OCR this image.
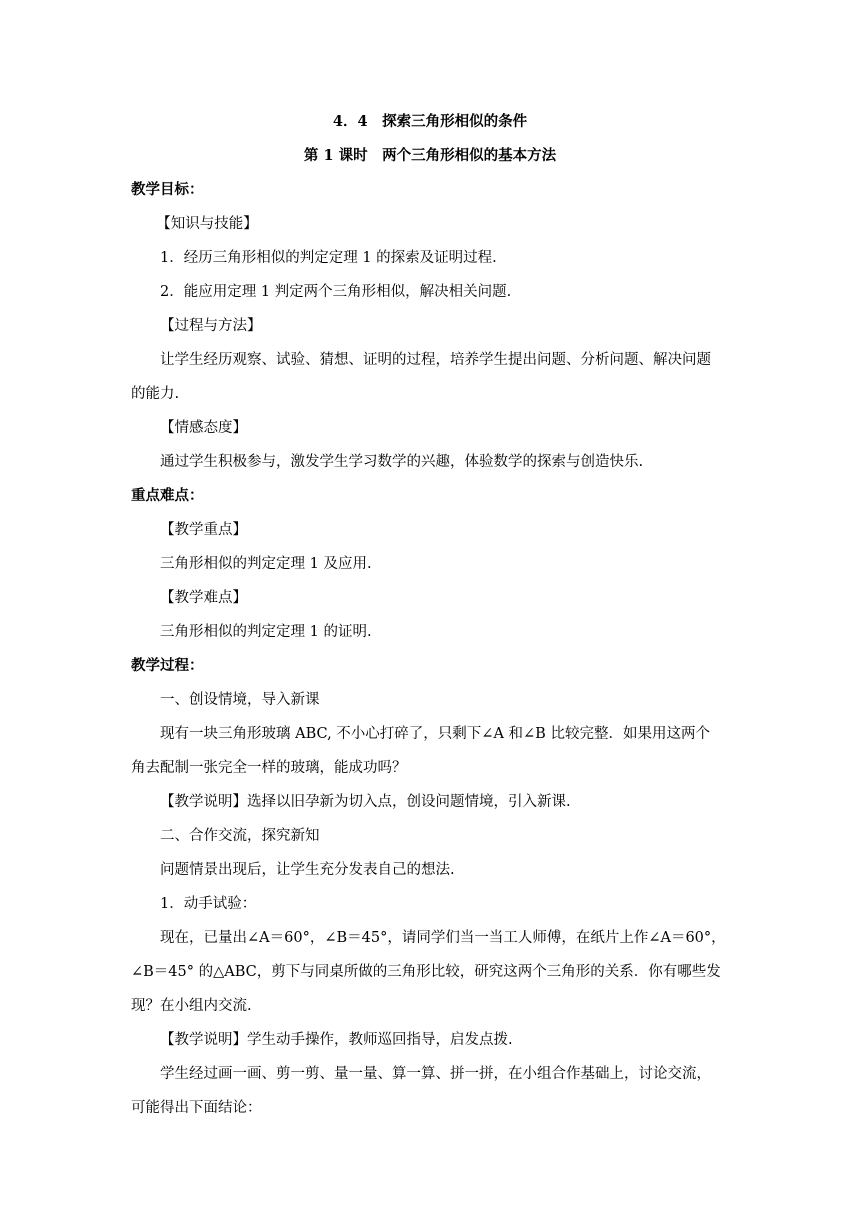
4．4　探索三角形相似的条件
第 1 课时　两个三角形相似的基本方法
教学目标：
　【知识与技能】
1．经历三角形相似的判定定理 1 的探索及证明过程.
2．能应用定理 1 判定两个三角形相似，解决相关问题.
【过程与方法】
让学生经历观察、试验、猜想、证明的过程，培养学生提出问题、分析问题、解决问题
的能力.
【情感态度】
通过学生积极参与，激发学生学习数学的兴趣，体验数学的探索与创造快乐.
重点难点：
【教学重点】
三角形相似的判定定理 1 及应用.
【教学难点】
三角形相似的判定定理 1 的证明.
教学过程：
一、创设情境，导入新课
现有一块三角形玻璃 ABC, 不小心打碎了，只剩下∠A 和∠B 比较完整．如果用这两个
角去配制一张完全一样的玻璃，能成功吗？
【教学说明】选择以旧孕新为切入点，创设问题情境，引入新课.
二、合作交流，探究新知
问题情景出现后，让学生充分发表自己的想法.
1．动手试验：
现在，已量出∠A＝60°，∠B＝45°，请同学们当一当工人师傅，在纸片上作∠A＝60°，
∠B＝45° 的△ABC，剪下与同桌所做的三角形比较，研究这两个三角形的关系．你有哪些发
现？在小组内交流.
【教学说明】学生动手操作，教师巡回指导，启发点拨.
学生经过画一画、剪一剪、量一量、算一算、拼一拼，在小组合作基础上，讨论交流，
可能得出下面结论：
